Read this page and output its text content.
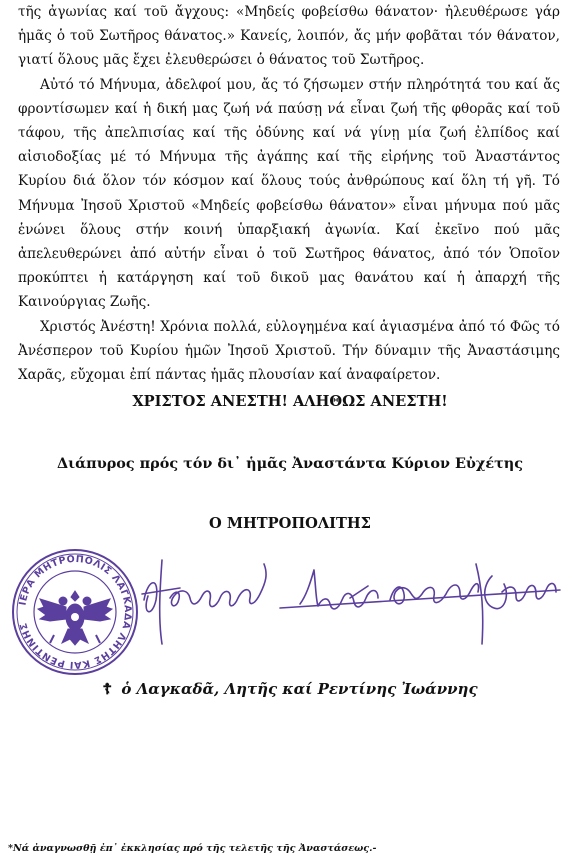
τῆς ἀγωνίας καί τοῦ ἄγχους: «Μηδείς φοβείσθω θάνατον· ἠλευθέρωσε γάρ ἡμᾶς ὁ τοῦ Σωτῆρος θάνατος.» Κανείς, λοιπόν, ἄς μήν φοβᾶται τόν θάνατον, γιατί ὅλους μᾶς ἔχει ἐλευθερώσει ὁ θάνατος τοῦ Σωτῆρος.

Αὐτό τό Μήνυμα, ἀδελφοί μου, ἄς τό ζήσωμεν στήν πληρότητά του καί ἄς φροντίσωμεν καί ἡ δική μας ζωή νά παύσῃ νά εἶναι ζωή τῆς φθορᾶς καί τοῦ τάφου, τῆς ἀπελπισίας καί τῆς ὀδύνης καί νά γίνῃ μία ζωή ἐλπίδος καί αἰσιοδοξίας μέ τό Μήνυμα τῆς ἀγάπης καί τῆς εἰρήνης τοῦ Ἀναστάντος Κυρίου διά ὅλον τόν κόσμον καί ὅλους τούς ἀνθρώπους καί ὅλη τή γῆ. Τό Μήνυμα Ἰησοῦ Χριστοῦ «Μηδείς φοβείσθω θάνατον» εἶναι μήνυμα πού μᾶς ἑνώνει ὅλους στήν κοινή ὑπαρξιακή ἀγωνία. Καί ἐκεῖνο πού μᾶς ἀπελευθερώνει ἀπό αὐτήν εἶναι ὁ τοῦ Σωτῆρος θάνατος, ἀπό τόν Ὁποῖον προκύπτει ἡ κατάργηση καί τοῦ δικοῦ μας θανάτου καί ἡ ἀπαρχή τῆς Καινούργιας Ζωῆς.

Χριστός Ἀνέστη! Χρόνια πολλά, εὐλογημένα καί ἁγιασμένα ἀπό τό Φῶς τό Ἀνέσπερον τοῦ Κυρίου ἡμῶν Ἰησοῦ Χριστοῦ. Τήν δύναμιν τῆς Ἀναστάσιμης Χαρᾶς, εὔχομαι ἐπί πάντας ἡμᾶς πλουσίαν καί ἀναφαίρετον.

ΧΡΙΣΤΟΣ ΑΝΕΣΤΗ! ΑΛΗΘΩΣ ΑΝΕΣΤΗ!
Διάπυρος πρός τόν δι᾽ ἡμᾶς Ἀναστάντα Κύριον Εὐχέτης
Ο ΜΗΤΡΟΠΟΛΙΤΗΣ
ΙΕΡΑ ΜΗΤΡΟΠΟΛΙΣ ΛΑΓΚΑΔΑ ΛΗΤΗΣ ΚΑΙ ΡΕΝΤΙΝΗΣ
☦ ὁ Λαγκαδᾶ, Λητῆς καί Ρεντίνης Ἰωάννης
*Νά ἀναγνωσθῇ ἐπ᾽ ἐκκλησίας πρό τῆς τελετῆς τῆς Ἀναστάσεως.-
